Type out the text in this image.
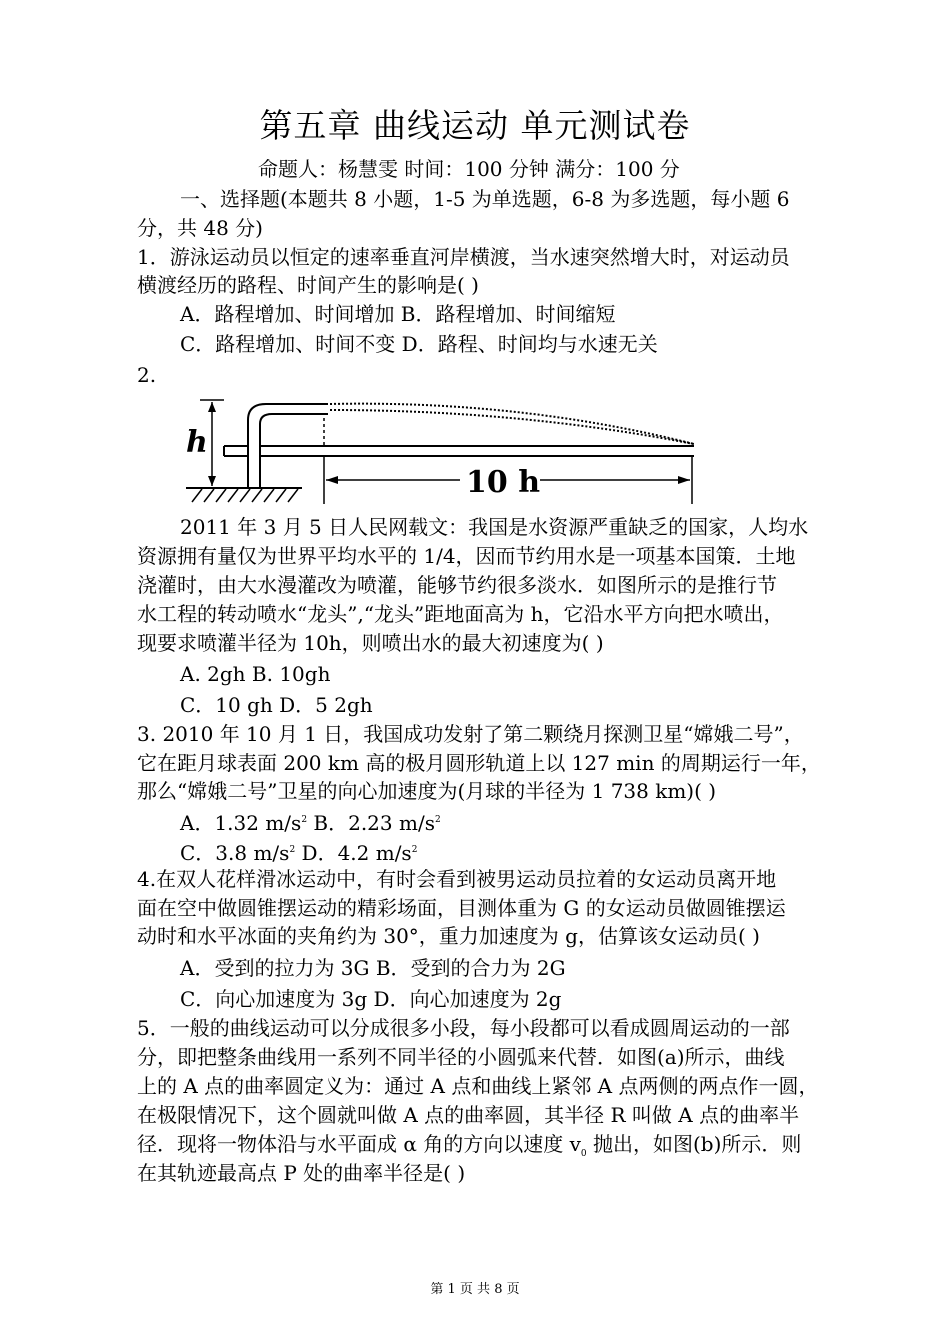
第五章 曲线运动 单元测试卷
命题人：杨慧雯 时间：100 分钟 满分：100 分
一、选择题(本题共 8 小题，1-5 为单选题，6-8 为多选题，每小题 6
分，共 48 分)
1．游泳运动员以恒定的速率垂直河岸横渡，当水速突然增大时，对运动员
横渡经历的路程、时间产生的影响是( )
A．路程增加、时间增加 B．路程增加、时间缩短
C．路程增加、时间不变 D．路程、时间均与水速无关
2.
h
10 h
2011 年 3 月 5 日人民网载文：我国是水资源严重缺乏的国家，人均水
资源拥有量仅为世界平均水平的 1/4，因而节约用水是一项基本国策．土地
浇灌时，由大水漫灌改为喷灌，能够节约很多淡水．如图所示的是推行节
水工程的转动喷水“龙头”,“龙头”距地面高为 h，它沿水平方向把水喷出，
现要求喷灌半径为 10h，则喷出水的最大初速度为( )
A. 2gh B. 10gh
C．10 gh D．5 2gh
3. 2010 年 10 月 1 日，我国成功发射了第二颗绕月探测卫星“嫦娥二号”，
它在距月球表面 200 km 高的极月圆形轨道上以 127 min 的周期运行一年，
那么“嫦娥二号”卫星的向心加速度为(月球的半径为 1 738 km)( )
A．1.32 $m/s^2$ B．2.23 $m/s^2$
C．3.8 $m/s^2$ D．4.2 $m/s^2$
4.在双人花样滑冰运动中，有时会看到被男运动员拉着的女运动员离开地
面在空中做圆锥摆运动的精彩场面，目测体重为 G 的女运动员做圆锥摆运
动时和水平冰面的夹角约为 30°，重力加速度为 g，估算该女运动员( )
A．受到的拉力为 3G B．受到的合力为 2G
C．向心加速度为 3g D．向心加速度为 2g
5．一般的曲线运动可以分成很多小段，每小段都可以看成圆周运动的一部
分，即把整条曲线用一系列不同半径的小圆弧来代替．如图(a)所示，曲线
上的 A 点的曲率圆定义为：通过 A 点和曲线上紧邻 A 点两侧的两点作一圆，
在极限情况下，这个圆就叫做 A 点的曲率圆，其半径 R 叫做 A 点的曲率半
径．现将一物体沿与水平面成 α 角的方向以速度 $v_0$ 抛出，如图(b)所示．则
在其轨迹最高点 P 处的曲率半径是( )
第 1 页 共 8 页
